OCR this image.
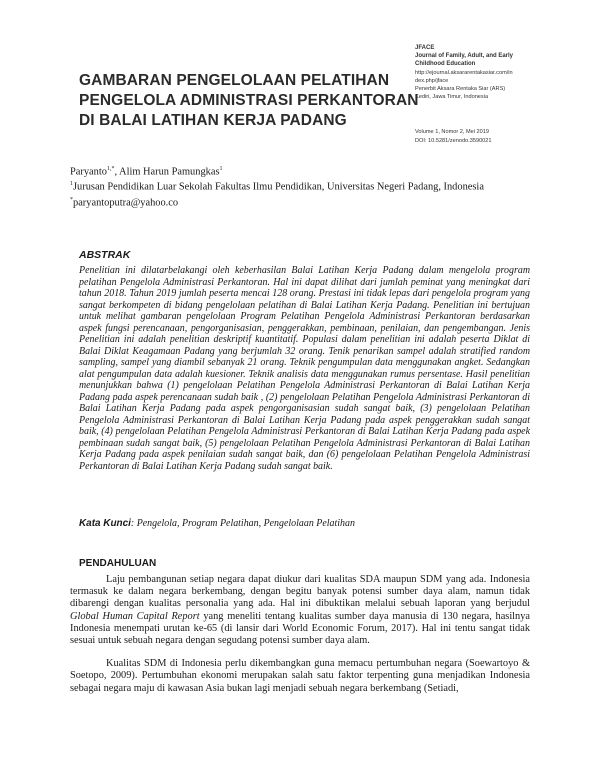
GAMBARAN PENGELOLAAN PELATIHAN
PENGELOLA ADMINISTRASI PERKANTORAN
DI BALAI LATIHAN KERJA PADANG
JFACE
Journal of Family, Adult, and Early
Childhood Education
http://ejournal.aksararentakasiar.com/in
dex.php/jface
Penerbit Aksara Rentaka Siar (ARS)
Kediri, Jawa Timur, Indonesia
Volume 1, Nomor 2, Mei 2019
DOI: 10.5281/zenodo.3590021
Paryanto$^{1,*}$, Alim Harun Pamungkas$^1$
$^1$Jurusan Pendidikan Luar Sekolah Fakultas Ilmu Pendidikan, Universitas Negeri Padang, Indonesia
*paryantoputra@yahoo.co
ABSTRAK
Penelitian ini dilatarbelakangi oleh keberhasilan Balai Latihan Kerja Padang dalam mengelola program pelatihan Pengelola Administrasi Perkantoran. Hal ini dapat dilihat dari jumlah peminat yang meningkat dari tahun 2018. Tahun 2019 jumlah peserta mencai 128 orang. Prestasi ini tidak lepas dari pengelola program yang sangat berkompeten di bidang pengelolaan pelatihan di Balai Latihan Kerja Padang. Penelitian ini bertujuan untuk melihat gambaran pengelolaan Program Pelatihan Pengelola Administrasi Perkantoran berdasarkan aspek fungsi perencanaan, pengorganisasian, penggerakkan, pembinaan, penilaian, dan pengembangan. Jenis Penelitian ini adalah penelitian deskriptif kuantitatif. Populasi dalam penelitian ini adalah peserta Diklat di Balai Diklat Keagamaan Padang yang berjumlah 32 orang. Tenik penarikan sampel adalah stratified random sampling, sampel yang diambil sebanyak 21 orang. Teknik pengumpulan data menggunakan angket. Sedangkan alat pengumpulan data adalah kuesioner. Teknik analisis data menggunakan rumus persentase. Hasil penelitian menunjukkan bahwa (1) pengelolaan Pelatihan Pengelola Administrasi Perkantoran di Balai Latihan Kerja Padang pada aspek perencanaan sudah baik , (2) pengelolaan Pelatihan Pengelola Administrasi Perkantoran di Balai Latihan Kerja Padang pada aspek pengorganisasian sudah sangat baik, (3) pengelolaan Pelatihan Pengelola Administrasi Perkantoran di Balai Latihan Kerja Padang pada aspek penggerakkan sudah sangat baik, (4) pengelolaan Pelatihan Pengelola Administrasi Perkantoran di Balai Latihan Kerja Padang pada aspek pembinaan sudah sangat baik, (5) pengelolaan Pelatihan Pengelola Administrasi Perkantoran di Balai Latihan Kerja Padang pada aspek penilaian sudah sangat baik, dan (6) pengelolaan Pelatihan Pengelola Administrasi Perkantoran di Balai Latihan Kerja Padang sudah sangat baik.
Kata Kunci: Pengelola, Program Pelatihan, Pengelolaan Pelatihan
PENDAHULUAN

Laju pembangunan setiap negara dapat diukur dari kualitas SDA maupun SDM yang ada. Indonesia termasuk ke dalam negara berkembang, dengan begitu banyak potensi sumber daya alam, namun tidak dibarengi dengan kualitas personalia yang ada. Hal ini dibuktikan melalui sebuah laporan yang berjudul Global Human Capital Report yang meneliti tentang kualitas sumber daya manusia di 130 negara, hasilnya Indonesia menempati urutan ke-65 (di lansir dari World Economic Forum, 2017). Hal ini tentu sangat tidak sesuai untuk sebuah negara dengan segudang potensi sumber daya alam.

Kualitas SDM di Indonesia perlu dikembangkan guna memacu pertumbuhan negara (Soewartoyo & Soetopo, 2009). Pertumbuhan ekonomi merupakan salah satu faktor terpenting guna menjadikan Indonesia sebagai negara maju di kawasan Asia bukan lagi menjadi sebuah negara berkembang (Setiadi,
